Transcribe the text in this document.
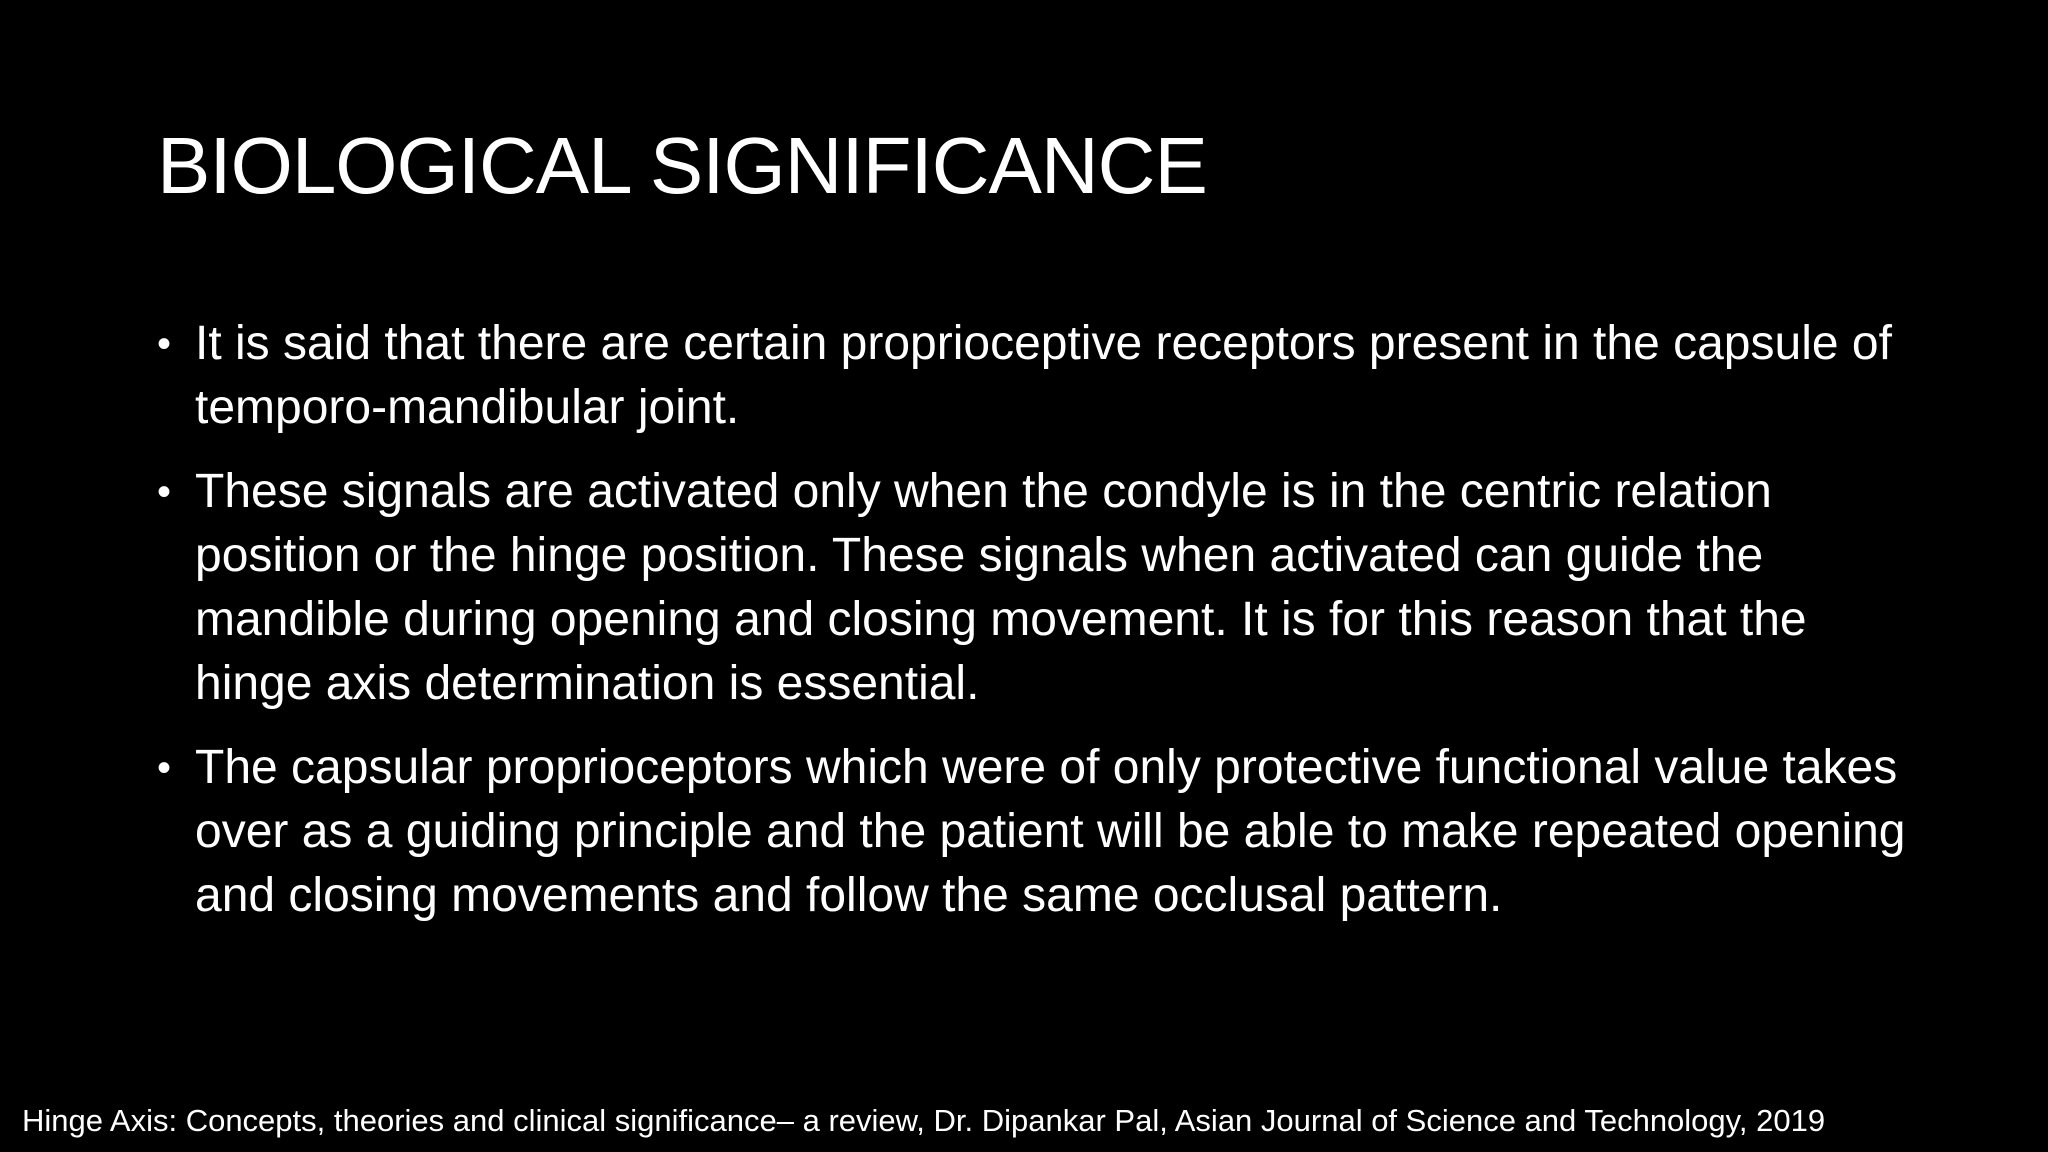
BIOLOGICAL SIGNIFICANCE
• It is said that there are certain proprioceptive receptors present in the capsule of temporo-mandibular joint.
• These signals are activated only when the condyle is in the centric relation position or the hinge position. These signals when activated can guide the mandible during opening and closing movement. It is for this reason that the hinge axis determination is essential.
• The capsular proprioceptors which were of only protective functional value takes over as a guiding principle and the patient will be able to make repeated opening and closing movements and follow the same occlusal pattern.
Hinge Axis: Concepts, theories and clinical significance– a review, Dr. Dipankar Pal, Asian Journal of Science and Technology, 2019
